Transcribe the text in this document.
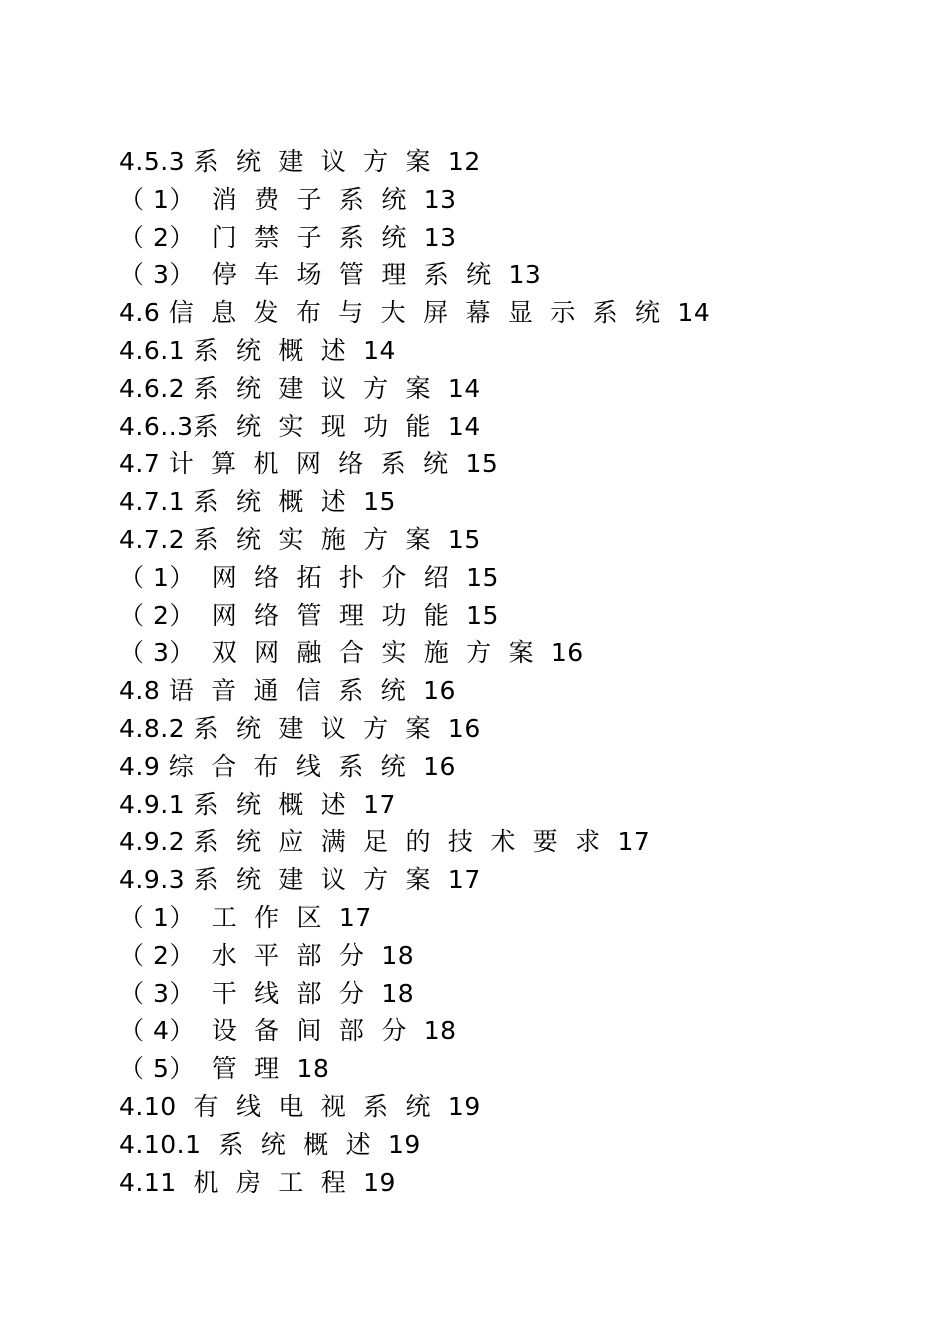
4.5.3 系  统  建  议  方  案  12
（ 1）  消  费  子  系  统  13
（ 2）  门  禁  子  系  统  13
（ 3）  停  车  场  管  理  系  统  13
4.6 信  息  发  布  与  大  屏  幕  显  示  系  统  14
4.6.1 系  统  概  述  14
4.6.2 系  统  建  议  方  案  14
4.6..3系  统  实  现  功  能  14
4.7 计  算  机  网  络  系  统  15
4.7.1 系  统  概  述  15
4.7.2 系  统  实  施  方  案  15
（ 1）  网  络  拓  扑  介  绍  15
（ 2）  网  络  管  理  功  能  15
（ 3）  双  网  融  合  实  施  方  案  16
4.8 语  音  通  信  系  统  16
4.8.2 系  统  建  议  方  案  16
4.9 综  合  布  线  系  统  16
4.9.1 系  统  概  述  17
4.9.2 系  统  应  满  足  的  技  术  要  求  17
4.9.3 系  统  建  议  方  案  17
（ 1）  工  作  区  17
（ 2）  水  平  部  分  18
（ 3）  干  线  部  分  18
（ 4）  设  备  间  部  分  18
（ 5）  管  理  18
4.10  有  线  电  视  系  统  19
4.10.1  系  统  概  述  19
4.11  机  房  工  程  19
